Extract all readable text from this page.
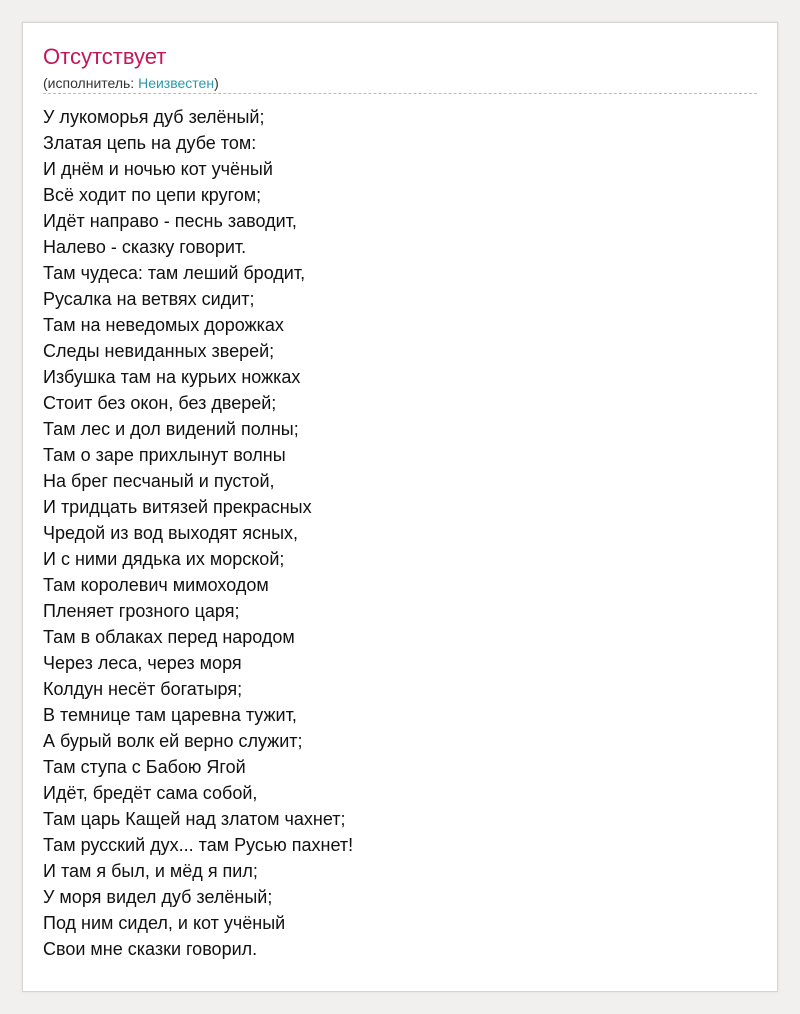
Отсутствует
(исполнитель: Неизвестен)
У лукоморья дуб зелёный;
Златая цепь на дубе том:
И днём и ночью кот учёный
Всё ходит по цепи кругом;
Идёт направо - песнь заводит,
Налево - сказку говорит.
Там чудеса: там леший бродит,
Русалка на ветвях сидит;
Там на неведомых дорожках
Следы невиданных зверей;
Избушка там на курьих ножках
Стоит без окон, без дверей;
Там лес и дол видений полны;
Там о заре прихлынут волны
На брег песчаный и пустой,
И тридцать витязей прекрасных
Чредой из вод выходят ясных,
И с ними дядька их морской;
Там королевич мимоходом
Пленяет грозного царя;
Там в облаках перед народом
Через леса, через моря
Колдун несёт богатыря;
В темнице там царевна тужит,
А бурый волк ей верно служит;
Там ступа с Бабою Ягой
Идёт, бредёт сама собой,
Там царь Кащей над златом чахнет;
Там русский дух... там Русью пахнет!
И там я был, и мёд я пил;
У моря видел дуб зелёный;
Под ним сидел, и кот учёный
Свои мне сказки говорил.
